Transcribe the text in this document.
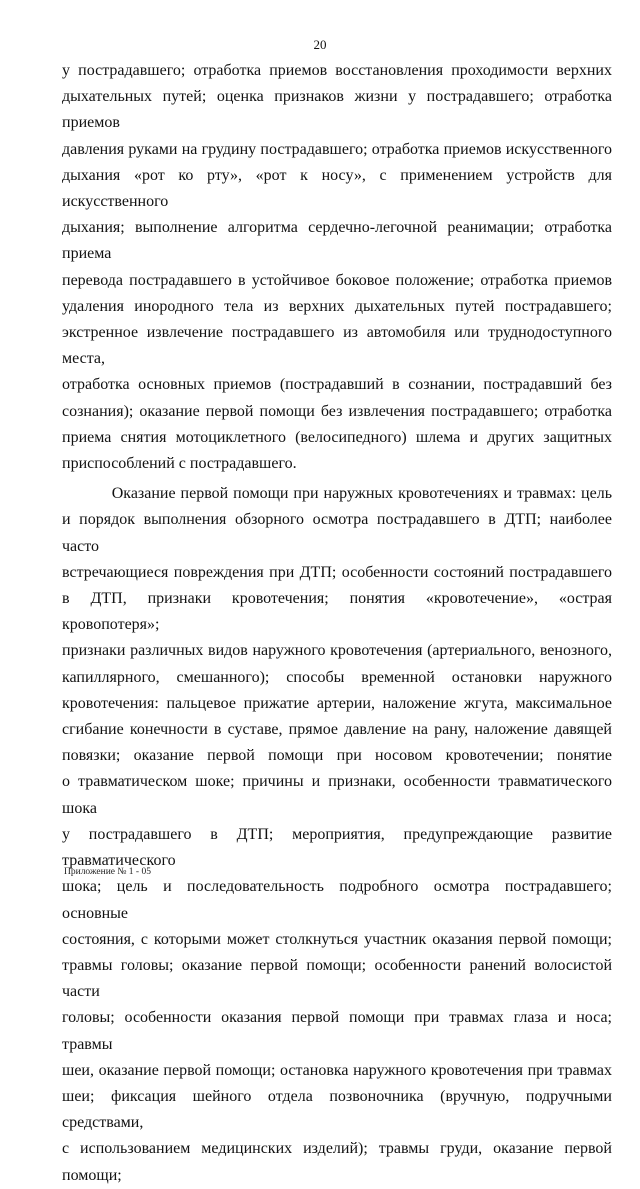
20

у пострадавшего; отработка приемов восстановления проходимости верхних

дыхательных путей; оценка признаков жизни у пострадавшего; отработка приемов

давления руками на грудину пострадавшего; отработка приемов искусственного

дыхания «рот ко рту», «рот к носу», с применением устройств для искусственного

дыхания; выполнение алгоритма сердечно-легочной реанимации; отработка приема

перевода пострадавшего в устойчивое боковое положение; отработка приемов

удаления инородного тела из верхних дыхательных путей пострадавшего;

экстренное извлечение пострадавшего из автомобиля или труднодоступного места,

отработка основных приемов (пострадавший в сознании, пострадавший без

сознания); оказание первой помощи без извлечения пострадавшего; отработка

приема снятия мотоциклетного (велосипедного) шлема и других защитных

приспособлений с пострадавшего.

Оказание первой помощи при наружных кровотечениях и травмах: цель

и порядок выполнения обзорного осмотра пострадавшего в ДТП; наиболее часто

встречающиеся повреждения при ДТП; особенности состояний пострадавшего

в ДТП, признаки кровотечения; понятия «кровотечение», «острая кровопотеря»;

признаки различных видов наружного кровотечения (артериального, венозного,

капиллярного, смешанного); способы временной остановки наружного

кровотечения: пальцевое прижатие артерии, наложение жгута, максимальное

сгибание конечности в суставе, прямое давление на рану, наложение давящей

повязки; оказание первой помощи при носовом кровотечении; понятие

о травматическом шоке; причины и признаки, особенности травматического шока

у пострадавшего в ДТП; мероприятия, предупреждающие развитие травматического

шока; цель и последовательность подробного осмотра пострадавшего; основные

состояния, с которыми может столкнуться участник оказания первой помощи;

травмы головы; оказание первой помощи; особенности ранений волосистой части

головы; особенности оказания первой помощи при травмах глаза и носа; травмы

шеи, оказание первой помощи; остановка наружного кровотечения при травмах

шеи; фиксация шейного отдела позвоночника (вручную, подручными средствами,

с использованием медицинских изделий); травмы груди, оказание первой помощи;

Приложение № 1 - 05
